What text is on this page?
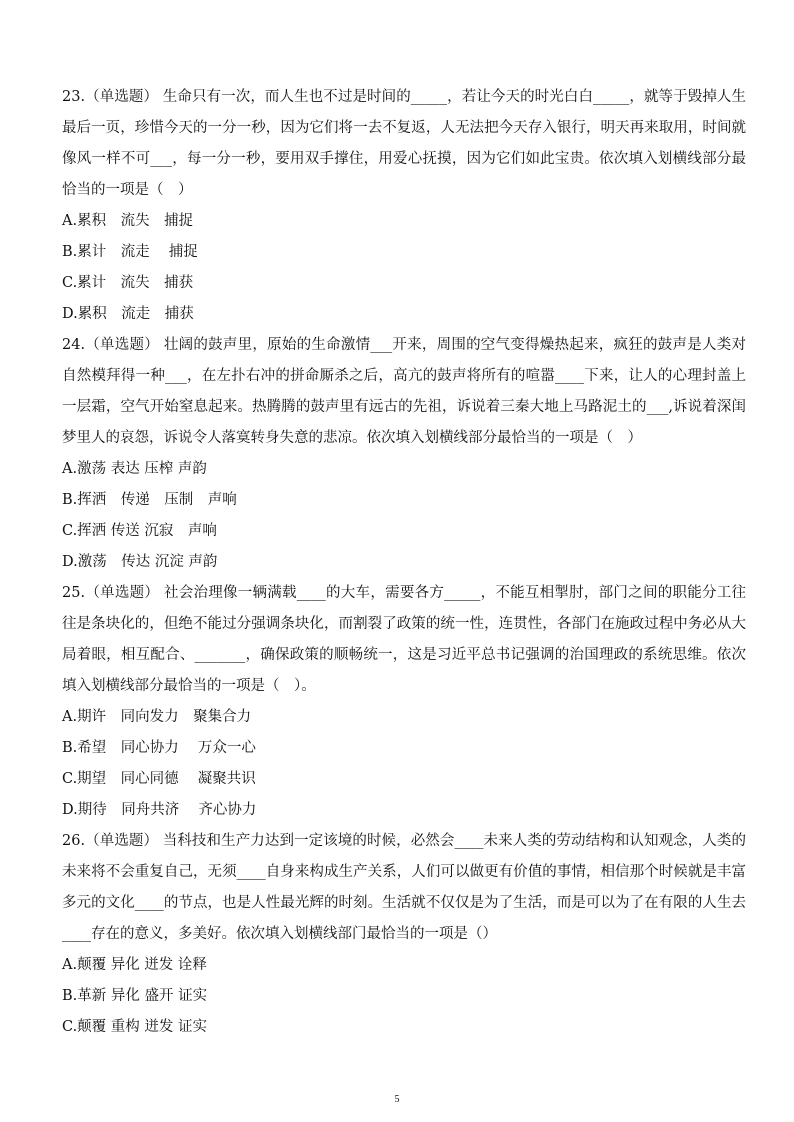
23.（单选题） 生命只有一次，而人生也不过是时间的_____，若让今天的时光白白_____，就等于毁掉人生最后一页，珍惜今天的一分一秒，因为它们将一去不复返，人无法把今天存入银行，明天再来取用，时间就像风一样不可___，每一分一秒，要用双手撑住，用爱心抚摸，因为它们如此宝贵。依次填入划横线部分最恰当的一项是（　）

A.累积　流失　捕捉

B.累计　流走　 捕捉

C.累计　流失　捕获

D.累积　流走　捕获

24.（单选题） 壮阔的鼓声里，原始的生命激情___开来，周围的空气变得燥热起来，疯狂的鼓声是人类对自然模拜得一种___，在左扑右冲的拼命厮杀之后，高亢的鼓声将所有的喧嚣____下来，让人的心理封盖上一层霜，空气开始窒息起来。热腾腾的鼓声里有远古的先祖，诉说着三秦大地上马路泥土的___,诉说着深闺梦里人的哀怨，诉说令人落寞转身失意的悲凉。依次填入划横线部分最恰当的一项是（　）

A.激荡 表达 压榨 声韵

B.挥洒　传递　压制　声响

C.挥洒 传送 沉寂　声响

D.激荡　传达 沉淀 声韵

25.（单选题） 社会治理像一辆满载____的大车，需要各方_____，不能互相掣肘，部门之间的职能分工往往是条块化的，但绝不能过分强调条块化，而割裂了政策的统一性，连贯性，各部门在施政过程中务必从大局着眼，相互配合、_______，确保政策的顺畅统一，这是习近平总书记强调的治国理政的系统思维。依次填入划横线部分最恰当的一项是（　）。

A.期许　同向发力　聚集合力

B.希望　同心协力　 万众一心

C.期望　同心同德　 凝聚共识

D.期待　同舟共济　 齐心协力

26.（单选题） 当科技和生产力达到一定该境的时候，必然会____未来人类的劳动结构和认知观念，人类的未来将不会重复自己，无须____自身来构成生产关系，人们可以做更有价值的事情，相信那个时候就是丰富多元的文化____的节点，也是人性最光辉的时刻。生活就不仅仅是为了生活，而是可以为了在有限的人生去____存在的意义，多美好。依次填入划横线部门最恰当的一项是（）

A.颠覆 异化 迸发 诠释

B.革新 异化 盛开 证实

C.颠覆 重构 迸发 证实

5
